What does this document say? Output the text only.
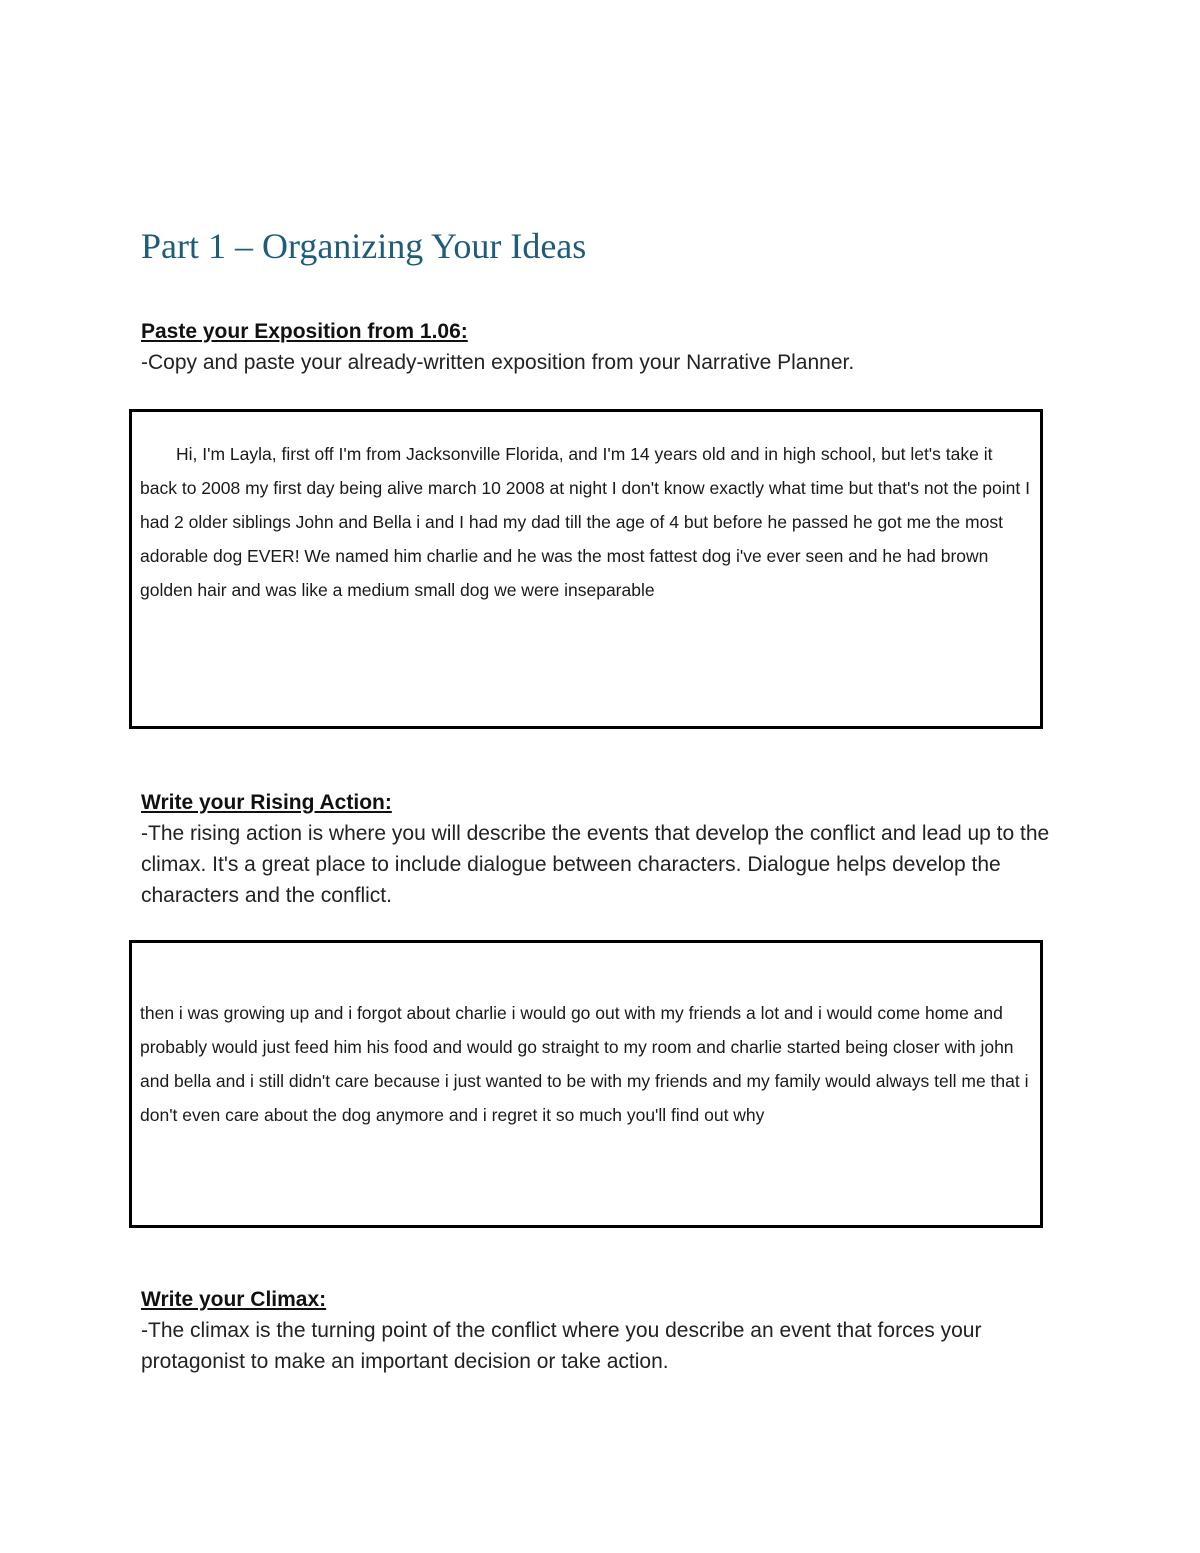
Part 1 – Organizing Your Ideas

Paste your Exposition from 1.06:

-Copy and paste your already-written exposition from your Narrative Planner.

Hi, I'm Layla, first off I'm from Jacksonville Florida, and I'm 14 years old and in high school, but let's take it back to 2008 my first day being alive march 10 2008 at night I don't know exactly what time but that's not the point I had 2 older siblings John and Bella i and I had my dad till the age of 4 but before he passed he got me the most adorable dog EVER! We named him charlie and he was the most fattest dog i've ever seen and he had brown golden hair and was like a medium small dog we were inseparable

Write your Rising Action:

-The rising action is where you will describe the events that develop the conflict and lead up to the climax. It's a great place to include dialogue between characters. Dialogue helps develop the characters and the conflict.

then i was growing up and i forgot about charlie i would go out with my friends a lot and i would come home and probably would just feed him his food and would go straight to my room and charlie started being closer with john and bella and i still didn't care because i just wanted to be with my friends and my family would always tell me that i don't even care about the dog anymore and i regret it so much you'll find out why

Write your Climax:

-The climax is the turning point of the conflict where you describe an event that forces your protagonist to make an important decision or take action.
